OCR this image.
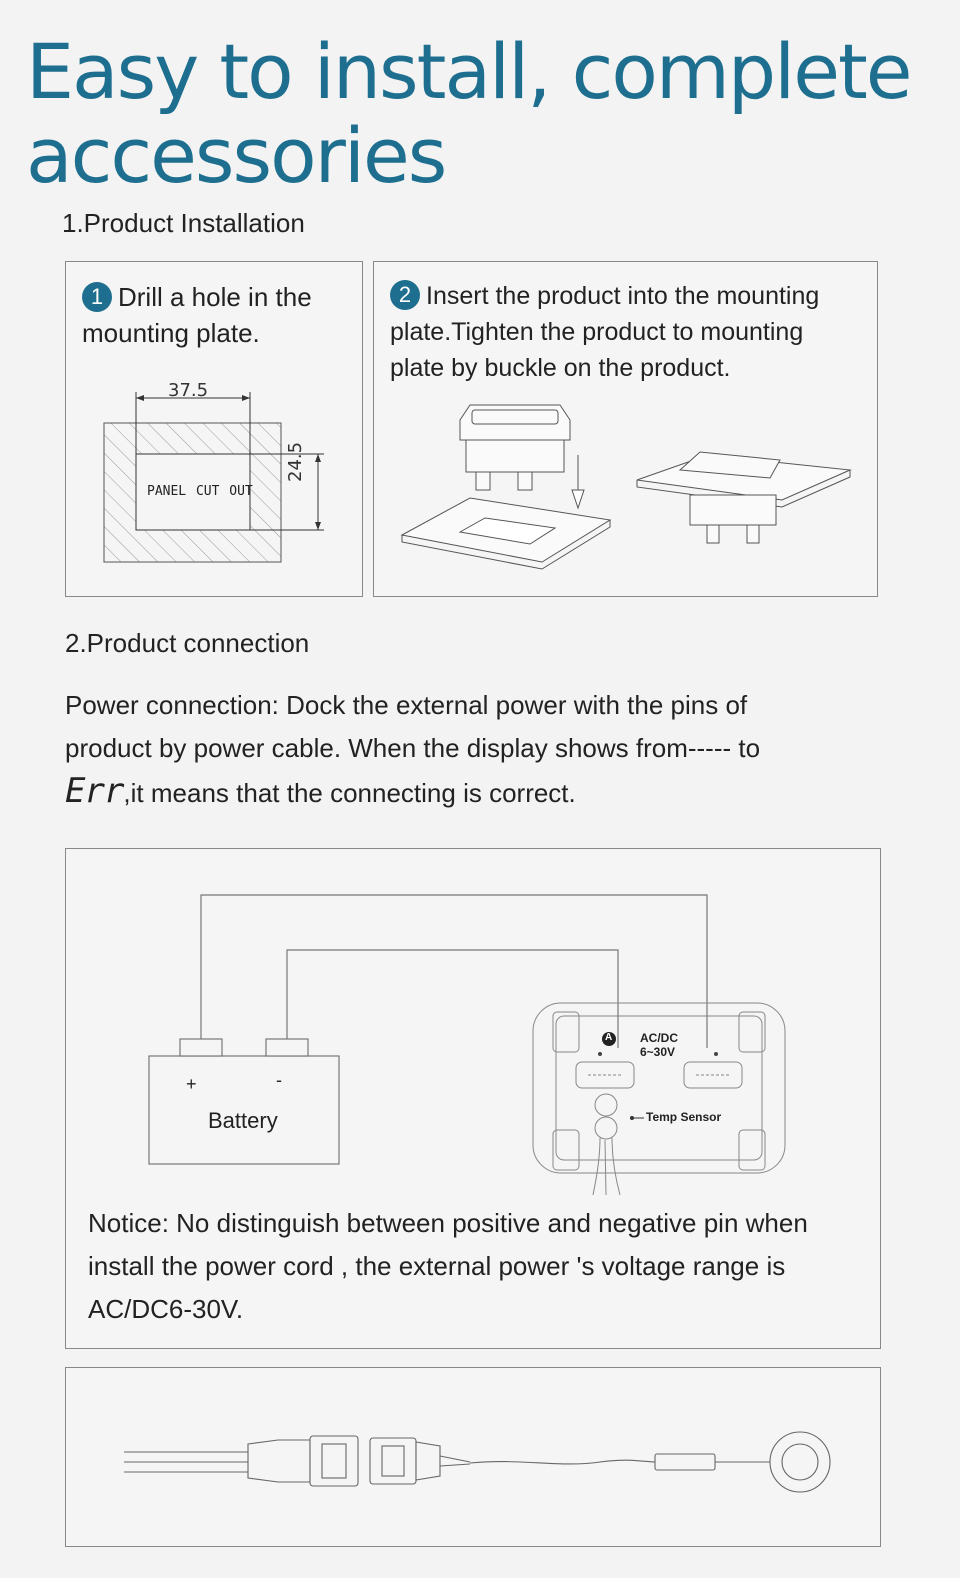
Easy to install, complete
accessories
1.Product Installation
1 Drill a hole in the
mounting plate.
37.5
24.5
PANEL CUT OUT
2 Insert the product into the mounting
plate.Tighten the product to mounting
plate by buckle on the product.
2.Product connection
Power connection: Dock the external power with the pins of
product by power cable. When the display shows from----- to
Err,it means that the connecting is correct.
+	-
Battery
A AC/DC
6~30V
Temp Sensor
Notice: No distinguish between positive and negative pin when
install the power cord , the external power 's voltage range is
AC/DC6-30V.
